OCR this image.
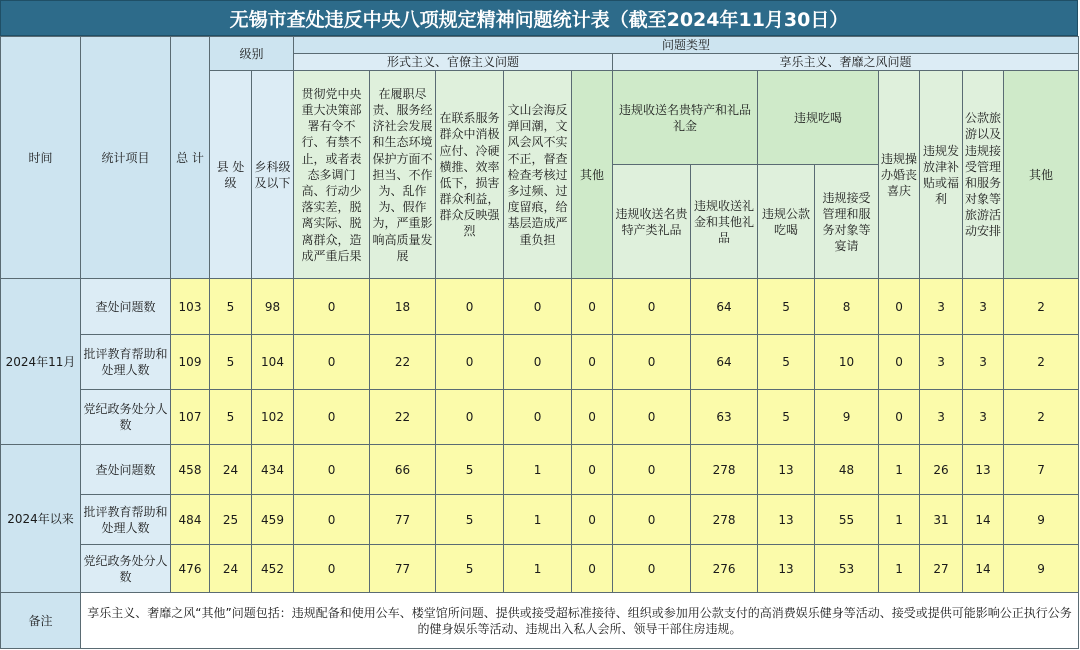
无锡市查处违反中央八项规定精神问题统计表（截至2024年11月30日）
时间	统计项目	总 计	级别		问题类型												
					形式主义、官僚主义问题					享乐主义、奢靡之风问题							
			县 处 级	乡科级及以下	贯彻党中央重大决策部署有令不行、有禁不止，或者表态多调门高、行动少落实差，脱离实际、脱离群众，造成严重后果	在履职尽责、服务经济社会发展和生态环境保护方面不担当、不作为、乱作为、假作为，严重影响高质量发展	在联系服务群众中消极应付、冷硬横推、效率低下，损害群众利益，群众反映强烈	文山会海反弹回潮，文风会风不实不正，督查检查考核过多过频、过度留痕，给基层造成严重负担	其他	违规收送名贵特产和礼品礼金		违规吃喝		违规操办婚丧喜庆	违规发放津补贴或福利	公款旅游以及违规接受管理和服务对象等旅游活动安排	其他

										违规收送名贵特产类礼品	违规收送礼金和其他礼品	违规公款吃喝	违规接受管理和服务对象等宴请				
2024年11月	查处问题数	103	5	98	0	18	0	0	0	0	64	5	8	0	3	3	2
	批评教育帮助和处理人数	109	5	104	0	22	0	0	0	0	64	5	10	0	3	3	2
	党纪政务处分人数	107	5	102	0	22	0	0	0	0	63	5	9	0	3	3	2
2024年以来	查处问题数	458	24	434	0	66	5	1	0	0	278	13	48	1	26	13	7
	批评教育帮助和处理人数	484	25	459	0	77	5	1	0	0	278	13	55	1	31	14	9
	党纪政务处分人数	476	24	452	0	77	5	1	0	0	276	13	53	1	27	14	9
备注	享乐主义、奢靡之风“其他”问题包括：违规配备和使用公车、楼堂馆所问题、提供或接受超标准接待、组织或参加用公款支付的高消费娱乐健身等活动、接受或提供可能影响公正执行公务的健身娱乐等活动、违规出入私人会所、领导干部住房违规。																
